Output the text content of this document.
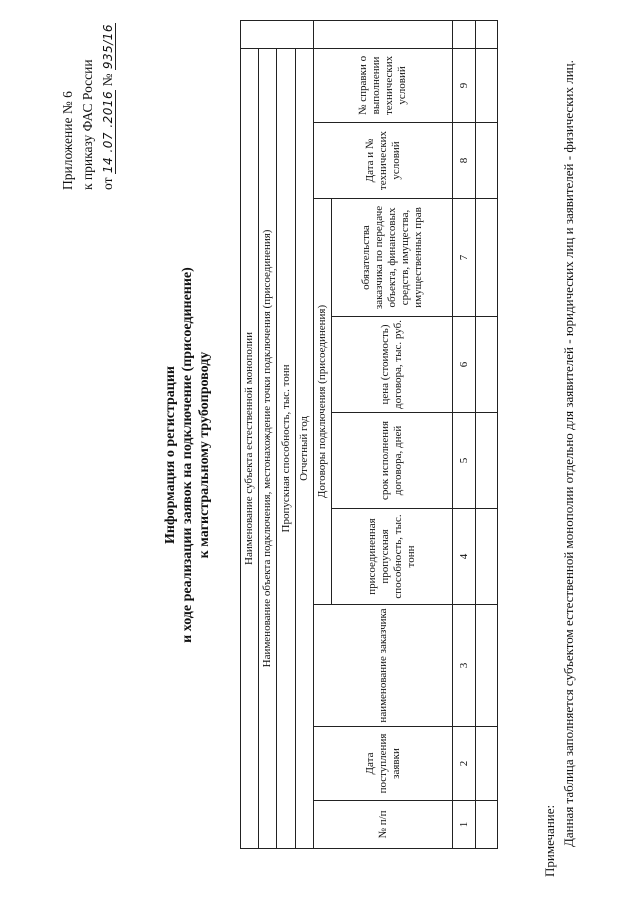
Приложение № 6 к приказу ФАС России от 14 .07 .2016 № 935/16
Информация о регистрации и ходе реализации заявок на подключение (присоединение) к магистральному трубопроводу	Наименование субъекта естественной монополии									
Наименование объекта подключения, местонахождение точки подключения (присоединения)									
Пропускная способность, тыс. тонн									
Отчетный год									
№ п/п	Дата поступления заявки	наименование заказчика	Договоры подключения (присоединения)				Дата и № технических условий	№ справки о выполнении технических условий	
			присоединенная пропускная способность, тыс. тонн	срок исполнения договора, дней	цена (стоимость) договора, тыс. руб.	обязательства заказчика по передаче объекта, финансовых средств, имущества, имущественных прав			
1	2	3	4	5	6	7	8	9	

Примечание: Данная таблица заполняется субъектом естественной монополии отдельно для заявителей - юридических лиц и заявителей - физических лиц.
